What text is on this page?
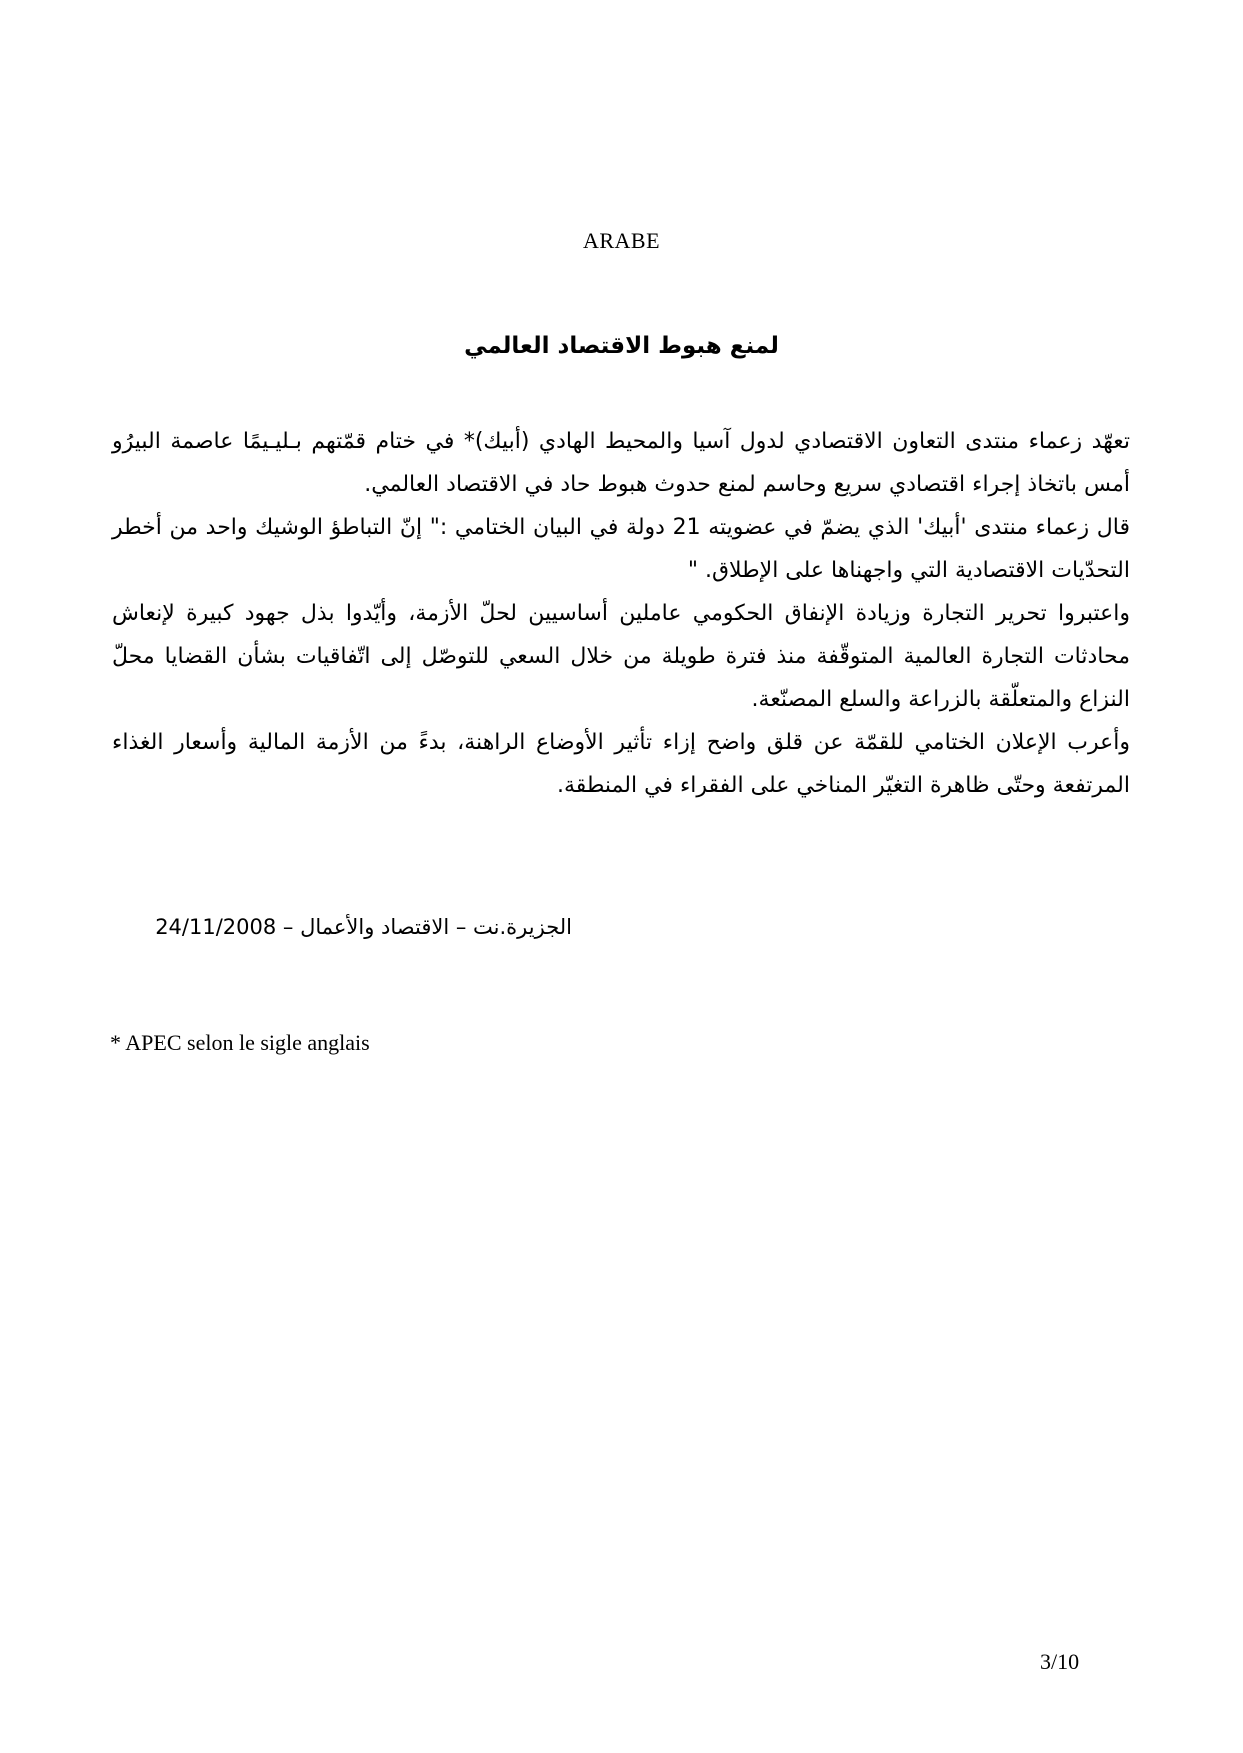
ARABE
لمنع هبوط الاقتصاد العالمي

تعهّد زعماء منتدى التعاون الاقتصادي لدول آسيا والمحيط الهادي (أبيك)* في ختام قمّتهم بـليـيمًا عاصمة البيرُو أمس باتخاذ إجراء اقتصادي سريع وحاسم لمنع حدوث هبوط حاد في الاقتصاد العالمي.

قال زعماء منتدى 'أبيك' الذي يضمّ في عضويته 21 دولة في البيان الختامي :" إنّ التباطؤ الوشيك واحد من أخطر التحدّيات الاقتصادية التي واجهناها على الإطلاق. "

واعتبروا تحرير التجارة وزيادة الإنفاق الحكومي عاملين أساسيين لحلّ الأزمة، وأيّدوا بذل جهود كبيرة لإنعاش محادثات التجارة العالمية المتوقّفة منذ فترة طويلة من خلال السعي للتوصّل إلى اتّفاقيات بشأن القضايا محلّ النزاع والمتعلّقة بالزراعة والسلع المصنّعة.

وأعرب الإعلان الختامي للقمّة عن قلق واضح إزاء تأثير الأوضاع الراهنة، بدءً من الأزمة المالية وأسعار الغذاء المرتفعة وحتّى ظاهرة التغيّر المناخي على الفقراء في المنطقة.

الجزيرة.نت – الاقتصاد والأعمال – 24/11/2008
* APEC selon le sigle anglais
3/10
